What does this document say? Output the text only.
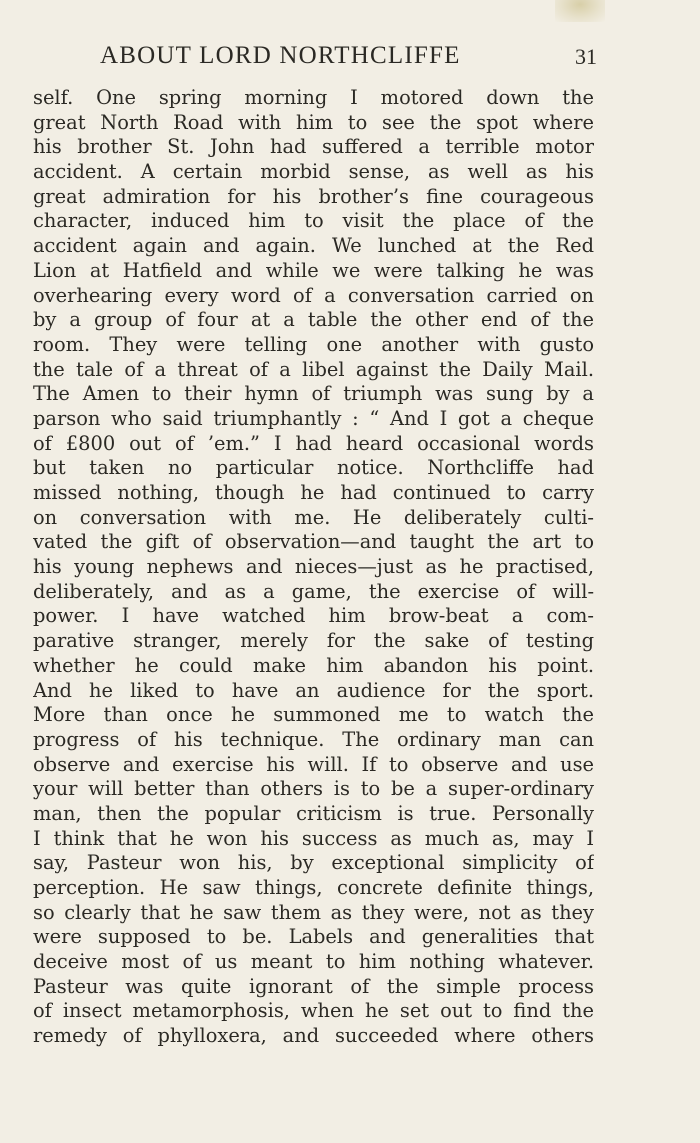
ABOUT LORD NORTHCLIFFE	31
self. One spring morning I motored down the
great North Road with him to see the spot where
his brother St. John had suffered a terrible motor
accident. A certain morbid sense, as well as his
great admiration for his brother’s fine courageous
character, induced him to visit the place of the
accident again and again. We lunched at the Red
Lion at Hatfield and while we were talking he was
overhearing every word of a conversation carried on
by a group of four at a table the other end of the
room. They were telling one another with gusto
the tale of a threat of a libel against the Daily Mail.
The Amen to their hymn of triumph was sung by a
parson who said triumphantly : “ And I got a cheque
of £800 out of ’em.” I had heard occasional words
but taken no particular notice. Northcliffe had
missed nothing, though he had continued to carry
on conversation with me. He deliberately culti-
vated the gift of observation—and taught the art to
his young nephews and nieces—just as he practised,
deliberately, and as a game, the exercise of will-
power. I have watched him brow-beat a com-
parative stranger, merely for the sake of testing
whether he could make him abandon his point.
And he liked to have an audience for the sport.
More than once he summoned me to watch the
progress of his technique. The ordinary man can
observe and exercise his will. If to observe and use
your will better than others is to be a super-ordinary
man, then the popular criticism is true. Personally
I think that he won his success as much as, may I
say, Pasteur won his, by exceptional simplicity of
perception. He saw things, concrete definite things,
so clearly that he saw them as they were, not as they
were supposed to be. Labels and generalities that
deceive most of us meant to him nothing whatever.
Pasteur was quite ignorant of the simple process
of insect metamorphosis, when he set out to find the
remedy of phylloxera, and succeeded where others
